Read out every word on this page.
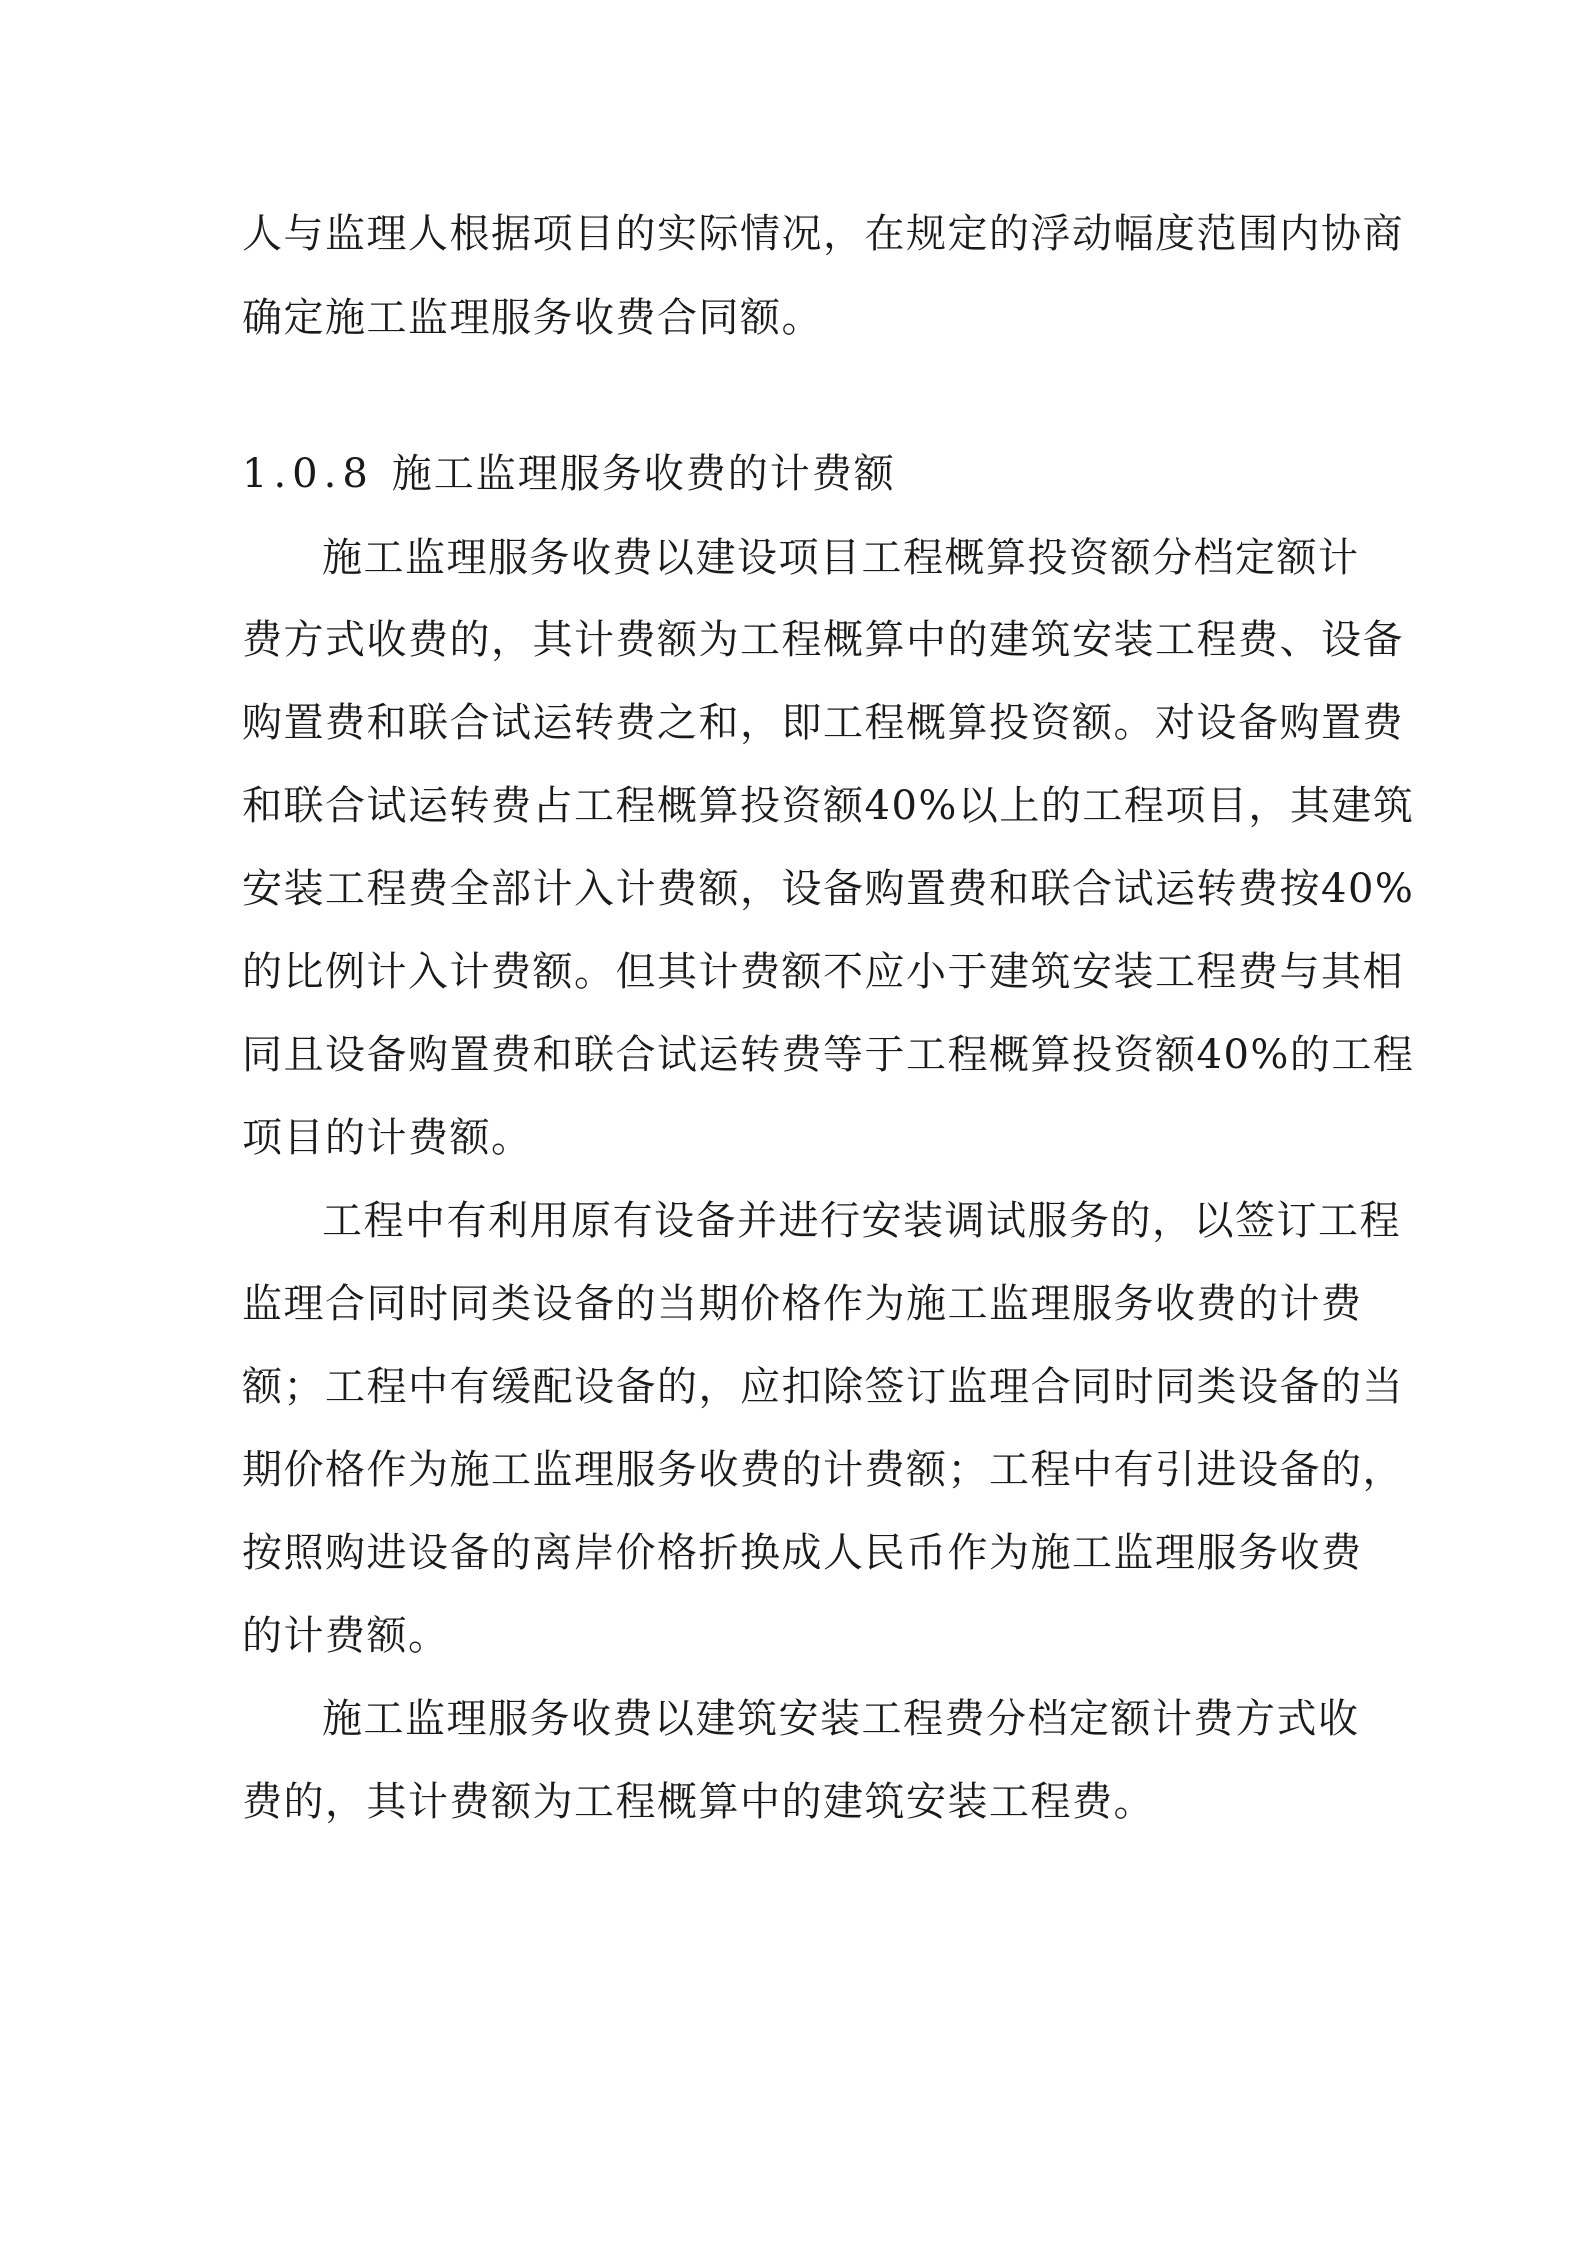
人与监理人根据项目的实际情况，在规定的浮动幅度范围内协商
确定施工监理服务收费合同额。
1.0.8 施工监理服务收费的计费额
施工监理服务收费以建设项目工程概算投资额分档定额计
费方式收费的，其计费额为工程概算中的建筑安装工程费、设备
购置费和联合试运转费之和，即工程概算投资额。对设备购置费
和联合试运转费占工程概算投资额40%以上的工程项目，其建筑
安装工程费全部计入计费额，设备购置费和联合试运转费按40%
的比例计入计费额。但其计费额不应小于建筑安装工程费与其相
同且设备购置费和联合试运转费等于工程概算投资额40%的工程
项目的计费额。
工程中有利用原有设备并进行安装调试服务的，以签订工程
监理合同时同类设备的当期价格作为施工监理服务收费的计费
额；工程中有缓配设备的，应扣除签订监理合同时同类设备的当
期价格作为施工监理服务收费的计费额；工程中有引进设备的，
按照购进设备的离岸价格折换成人民币作为施工监理服务收费
的计费额。
施工监理服务收费以建筑安装工程费分档定额计费方式收
费的，其计费额为工程概算中的建筑安装工程费。
